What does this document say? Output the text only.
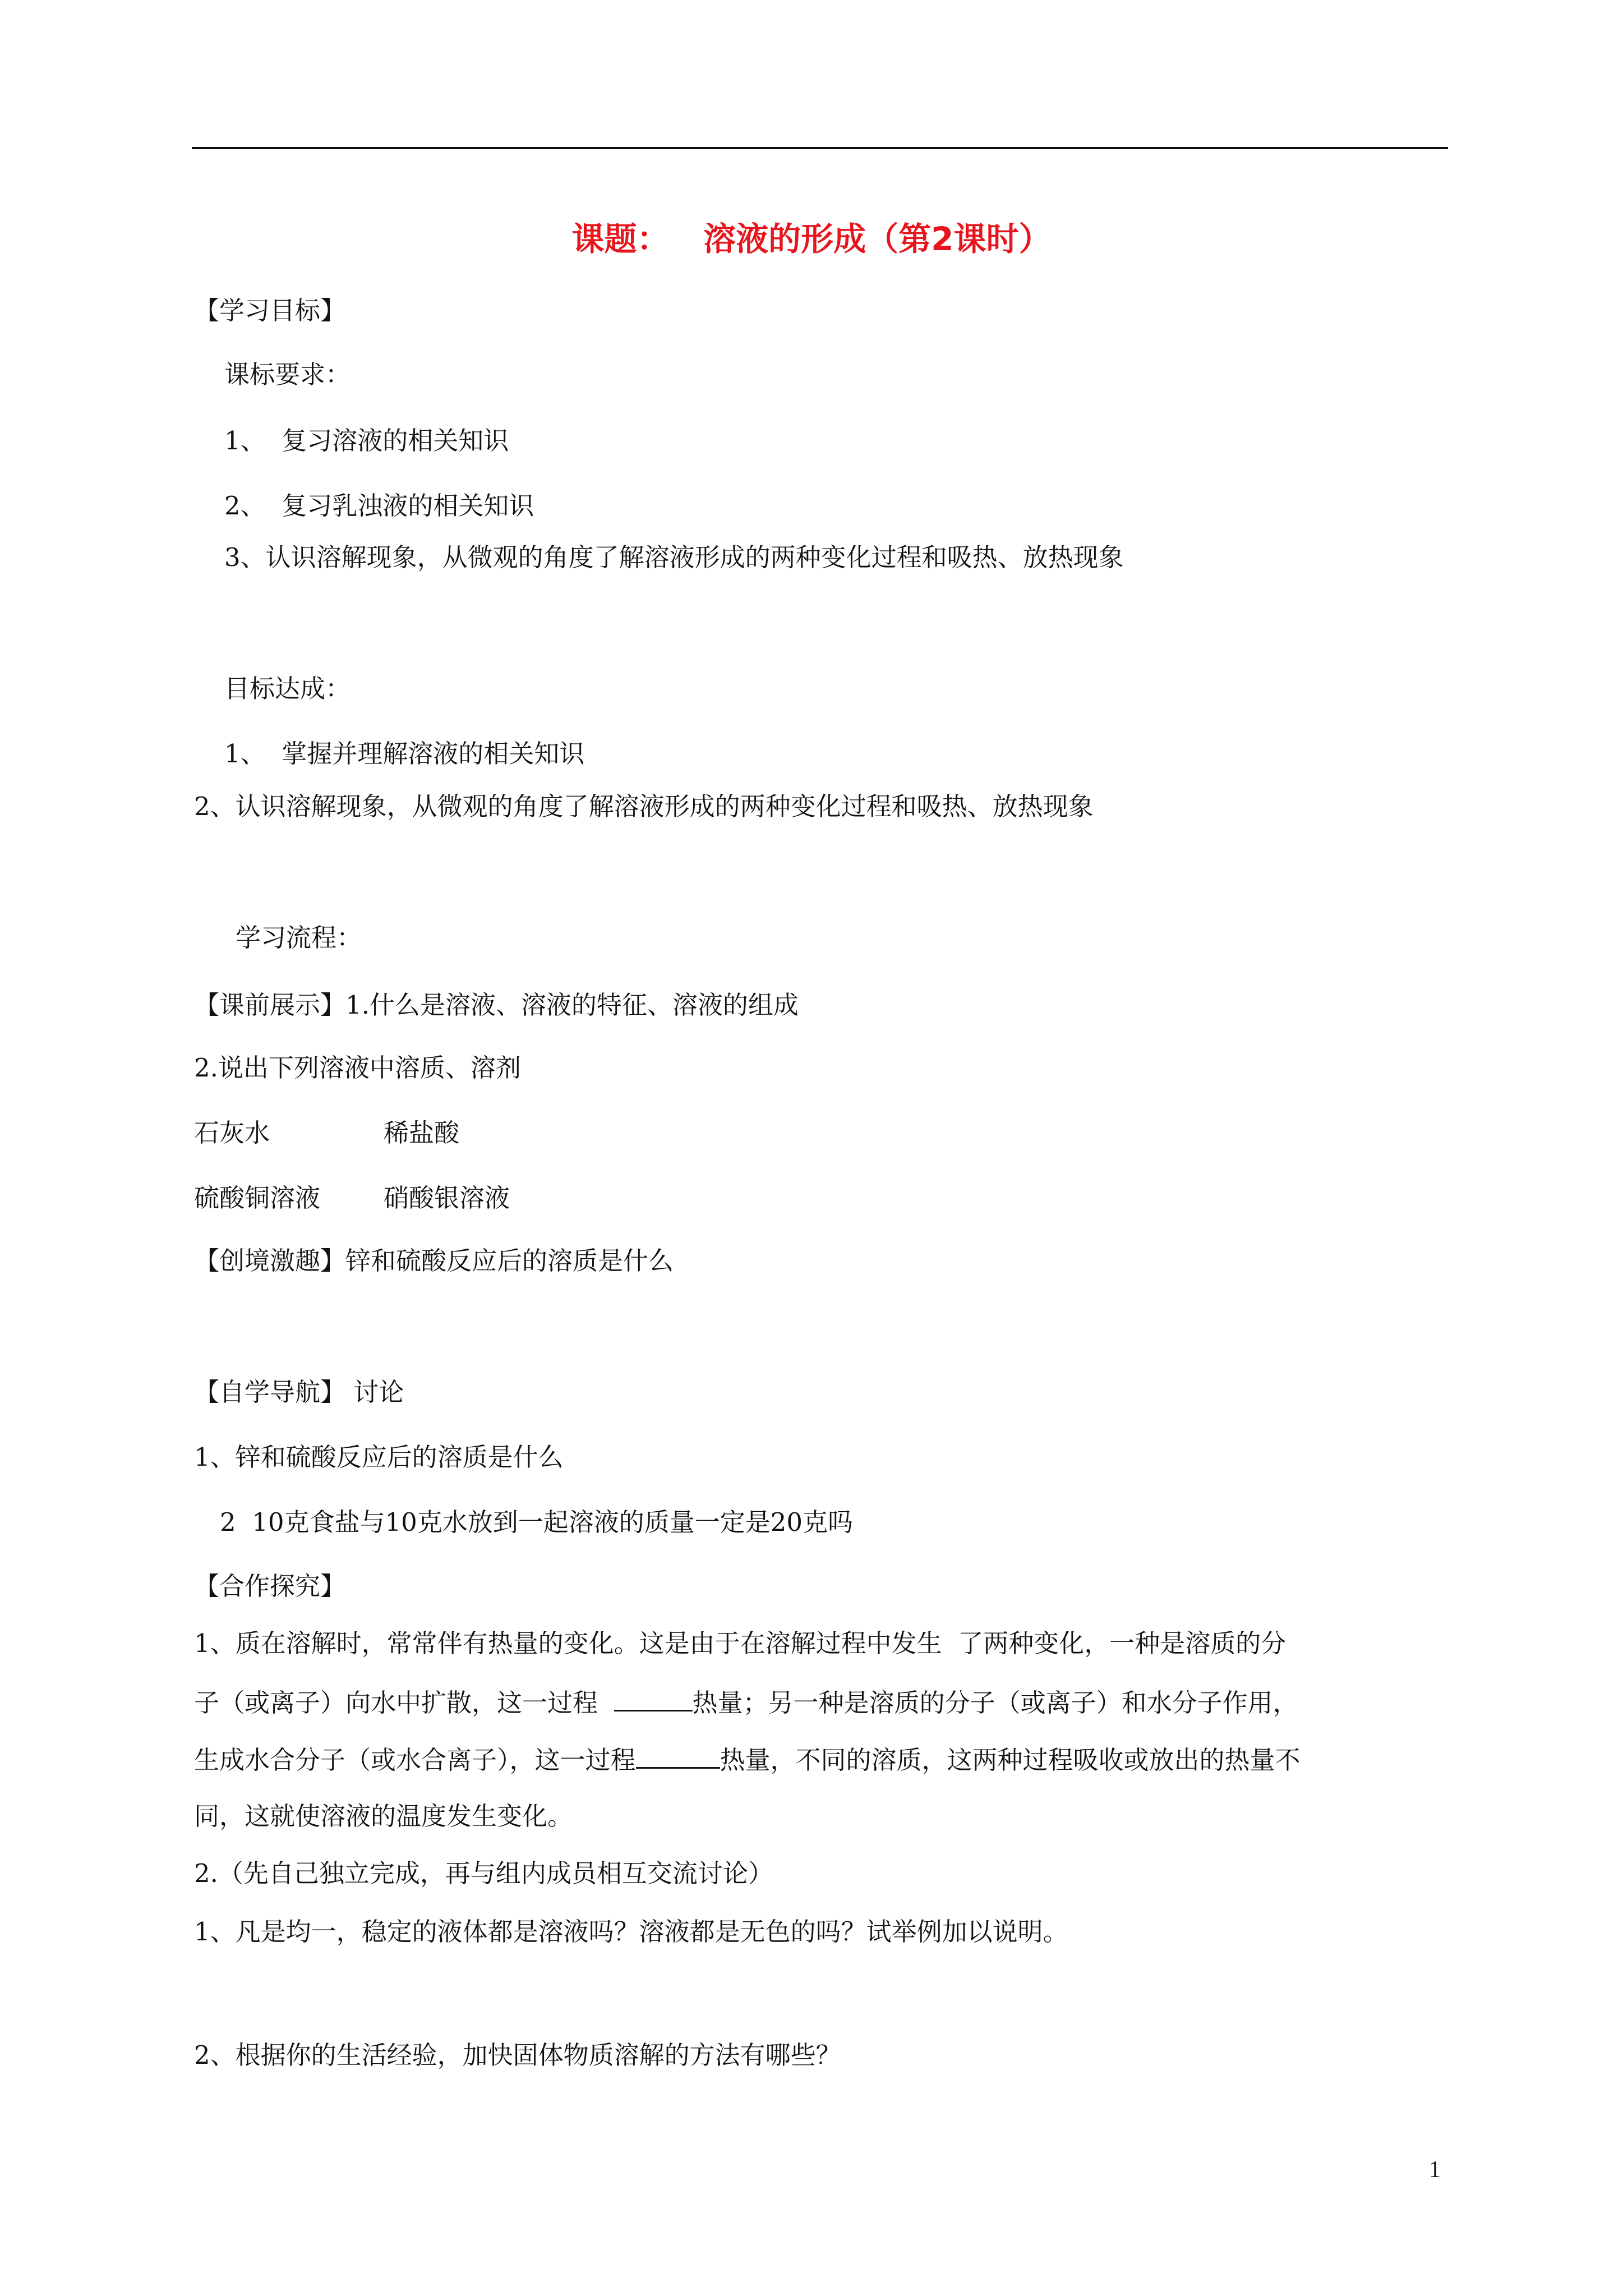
课题：   溶液的形成（第2课时）
【学习目标】
课标要求：
1、  复习溶液的相关知识
2、  复习乳浊液的相关知识
3、认识溶解现象，从微观的角度了解溶液形成的两种变化过程和吸热、放热现象
目标达成：
1、  掌握并理解溶液的相关知识
2、认识溶解现象，从微观的角度了解溶液形成的两种变化过程和吸热、放热现象
学习流程：
【课前展示】1.什么是溶液、溶液的特征、溶液的组成
2.说出下列溶液中溶质、溶剂
石灰水	稀盐酸
硫酸铜溶液	硝酸银溶液
【创境激趣】锌和硫酸反应后的溶质是什么
【自学导航】 讨论
1、锌和硫酸反应后的溶质是什么
2  10克食盐与10克水放到一起溶液的质量一定是20克吗
【合作探究】
1、质在溶解时，常常伴有热量的变化。这是由于在溶解过程中发生  了两种变化，一种是溶质的分
子（或离子）向水中扩散，这一过程	热量；另一种是溶质的分子（或离子）和水分子作用，
生成水合分子（或水合离子），这一过程	热量，不同的溶质，这两种过程吸收或放出的热量不
同，这就使溶液的温度发生变化。
2.（先自己独立完成，再与组内成员相互交流讨论）
1、凡是均一，稳定的液体都是溶液吗？溶液都是无色的吗？试举例加以说明。
2、根据你的生活经验，加快固体物质溶解的方法有哪些？
1
